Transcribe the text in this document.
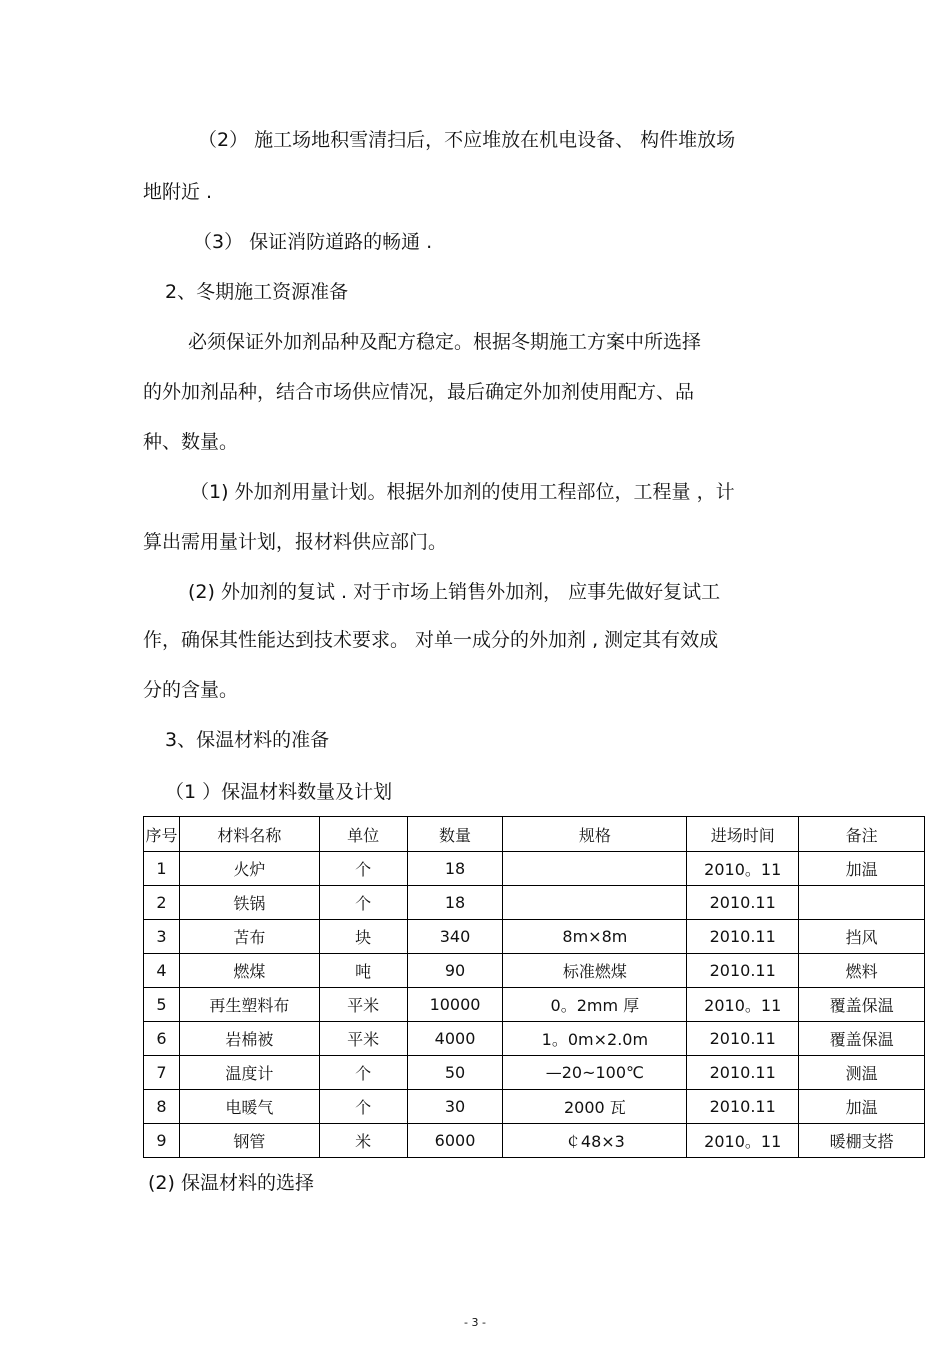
（2） 施工场地积雪清扫后，不应堆放在机电设备、 构件堆放场
地附近 .
（3） 保证消防道路的畅通 .
2、冬期施工资源准备
必须保证外加剂品种及配方稳定。根据冬期施工方案中所选择
的外加剂品种，结合市场供应情况，最后确定外加剂使用配方、品
种、数量。
（1) 外加剂用量计划。根据外加剂的使用工程部位，工程量 ，计
算出需用量计划，报材料供应部门。
(2) 外加剂的复试 . 对于市场上销售外加剂， 应事先做好复试工
作，确保其性能达到技术要求。 对单一成分的外加剂 , 测定其有效成
分的含量。
3、保温材料的准备
（1 ）保温材料数量及计划
序号	材料名称	单位	数量	规格	进场时间	备注
1	火炉	个	18		2010。11	加温
2	铁锅	个	18		2010.11	
3	苫布	块	340	8m×8m	2010.11	挡风
4	燃煤	吨	90	标准燃煤	2010.11	燃料
5	再生塑料布	平米	10000	0。2mm 厚	2010。11	覆盖保温
6	岩棉被	平米	4000	1。0m×2.0m	2010.11	覆盖保温
7	温度计	个	50	—20~100℃	2010.11	测温
8	电暖气	个	30	2000 瓦	2010.11	加温
9	钢管	米	6000	￠48×3	2010。11	暖棚支搭
(2) 保温材料的选择
- 3 -
